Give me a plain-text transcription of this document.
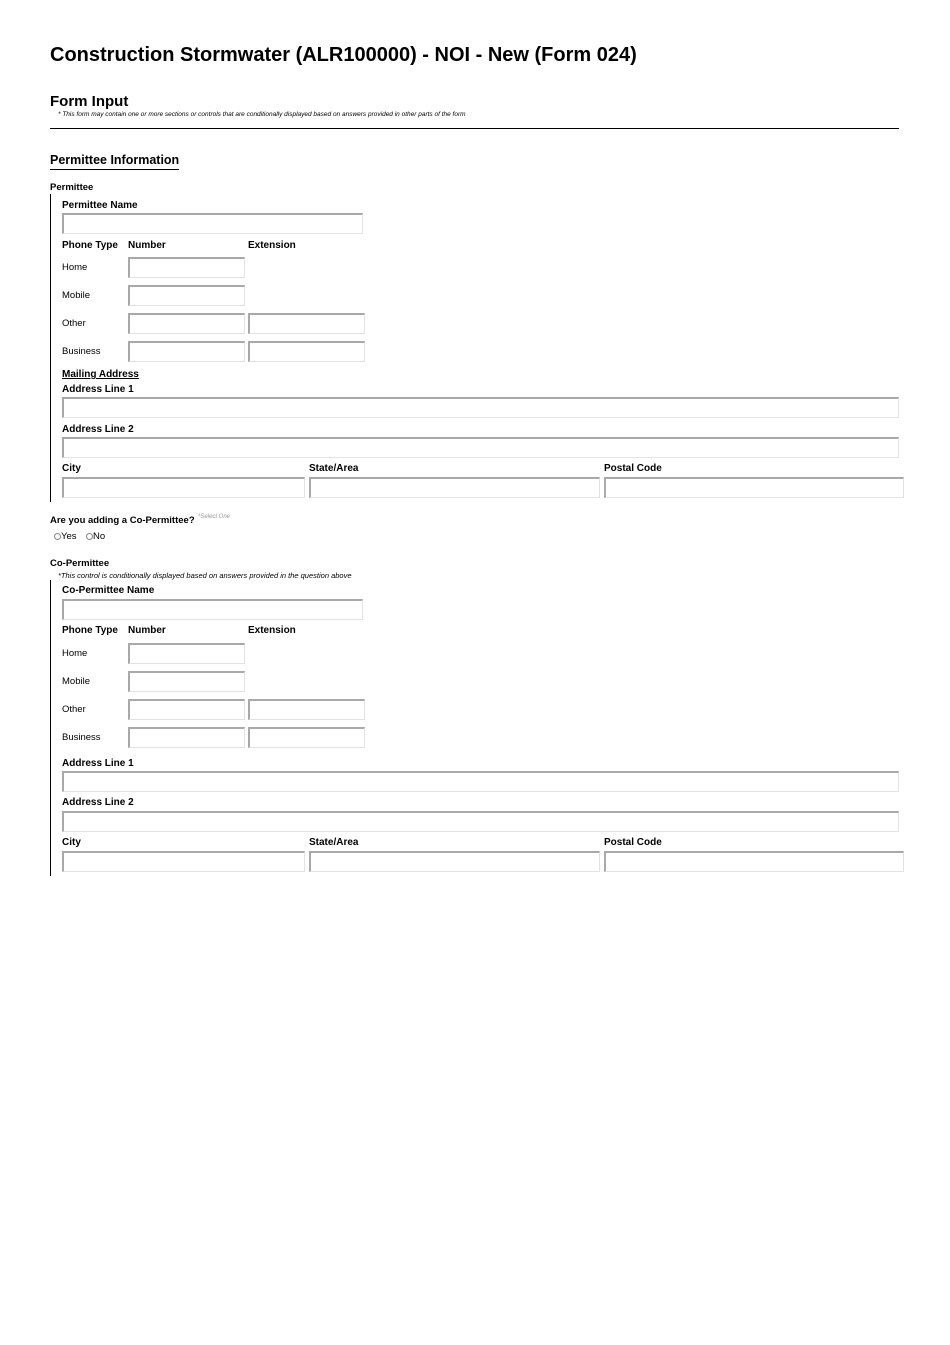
Construction Stormwater (ALR100000) - NOI - New (Form 024)
Form Input
* This form may contain one or more sections or controls that are conditionally displayed based on answers provided in other parts of the form
Permittee Information
Permittee
Permittee Name
Phone Type Number	Extension
Home
Mobile
Other
Business
Mailing Address
Address Line 1
Address Line 2
City	State/Area	Postal Code
Are you adding a Co-Permittee? *Select One
Yes	No
Co-Permittee
*This control is conditionally displayed based on answers provided in the question above
Co-Permittee Name
Phone Type Number	Extension
Home
Mobile
Other
Business
Address Line 1
Address Line 2
City	State/Area	Postal Code
